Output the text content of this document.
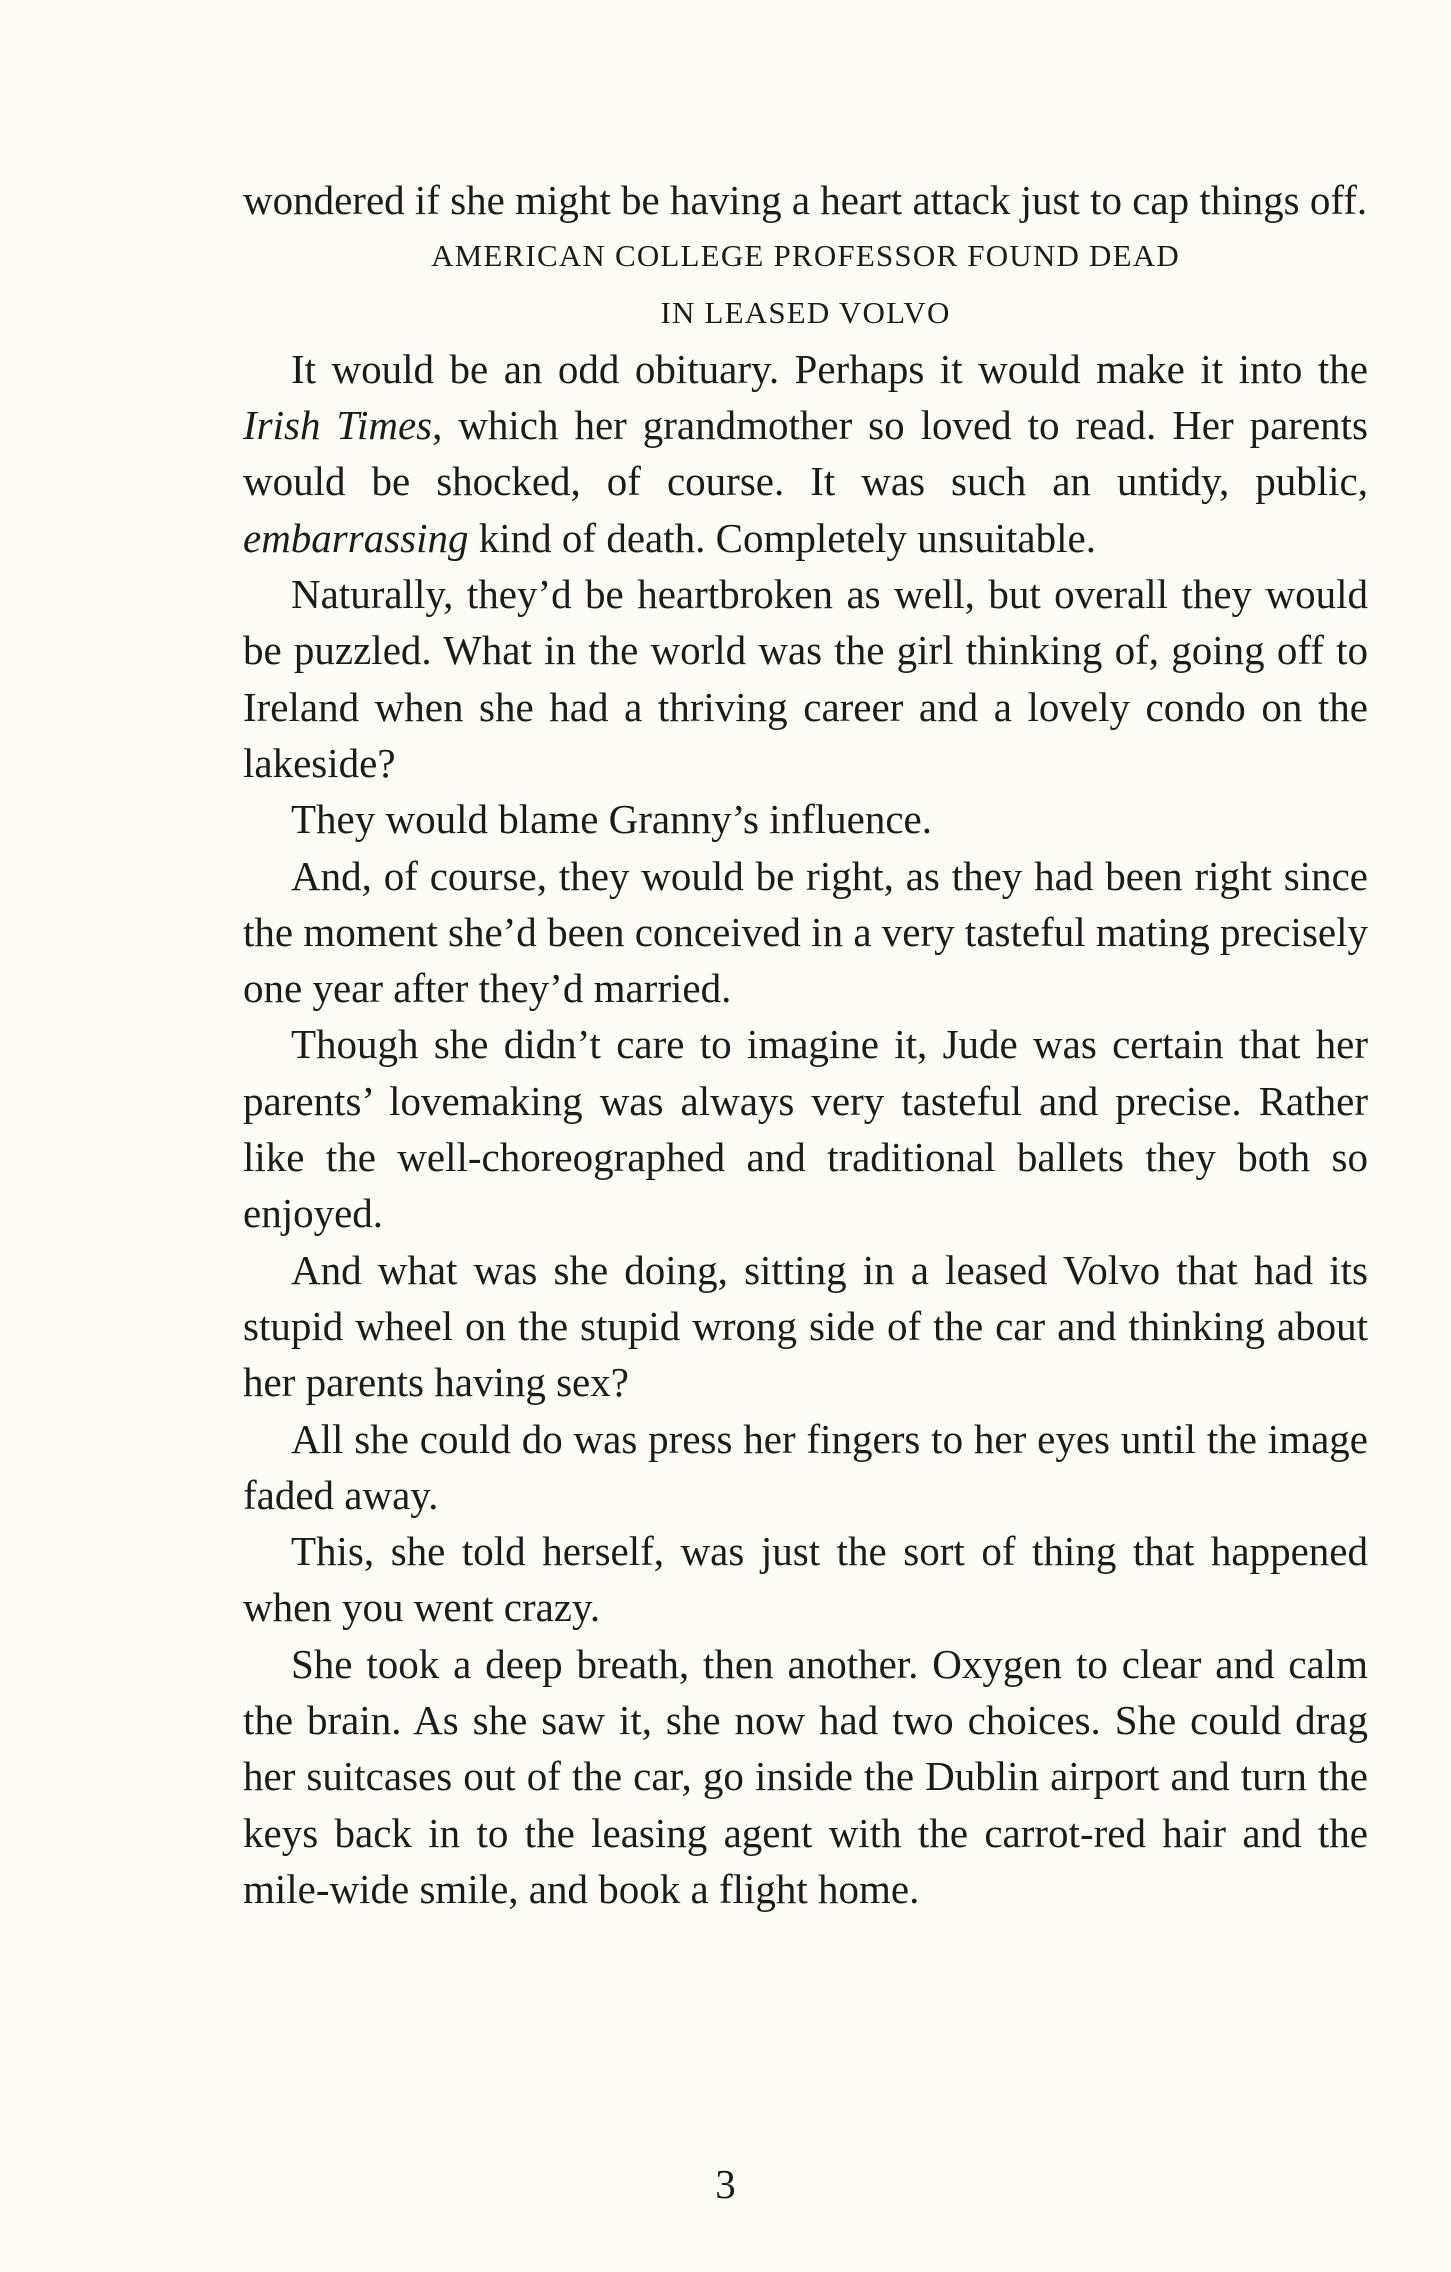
wondered if she might be having a heart attack just to cap things off.

AMERICAN COLLEGE PROFESSOR FOUND DEAD

IN LEASED VOLVO

It would be an odd obituary. Perhaps it would make it into the Irish Times, which her grandmother so loved to read. Her parents would be shocked, of course. It was such an untidy, public, embarrassing kind of death. Completely unsuitable.

Naturally, they’d be heartbroken as well, but overall they would be puzzled. What in the world was the girl thinking of, going off to Ireland when she had a thriving career and a lovely condo on the lakeside?

They would blame Granny’s influence.

And, of course, they would be right, as they had been right since the moment she’d been conceived in a very tasteful mating precisely one year after they’d married.

Though she didn’t care to imagine it, Jude was certain that her parents’ lovemaking was always very tasteful and precise. Rather like the well-choreographed and traditional ballets they both so enjoyed.

And what was she doing, sitting in a leased Volvo that had its stupid wheel on the stupid wrong side of the car and thinking about her parents having sex?

All she could do was press her fingers to her eyes until the image faded away.

This, she told herself, was just the sort of thing that happened when you went crazy.

She took a deep breath, then another. Oxygen to clear and calm the brain. As she saw it, she now had two choices. She could drag her suitcases out of the car, go inside the Dublin airport and turn the keys back in to the leasing agent with the carrot-red hair and the mile-wide smile, and book a flight home.

3
